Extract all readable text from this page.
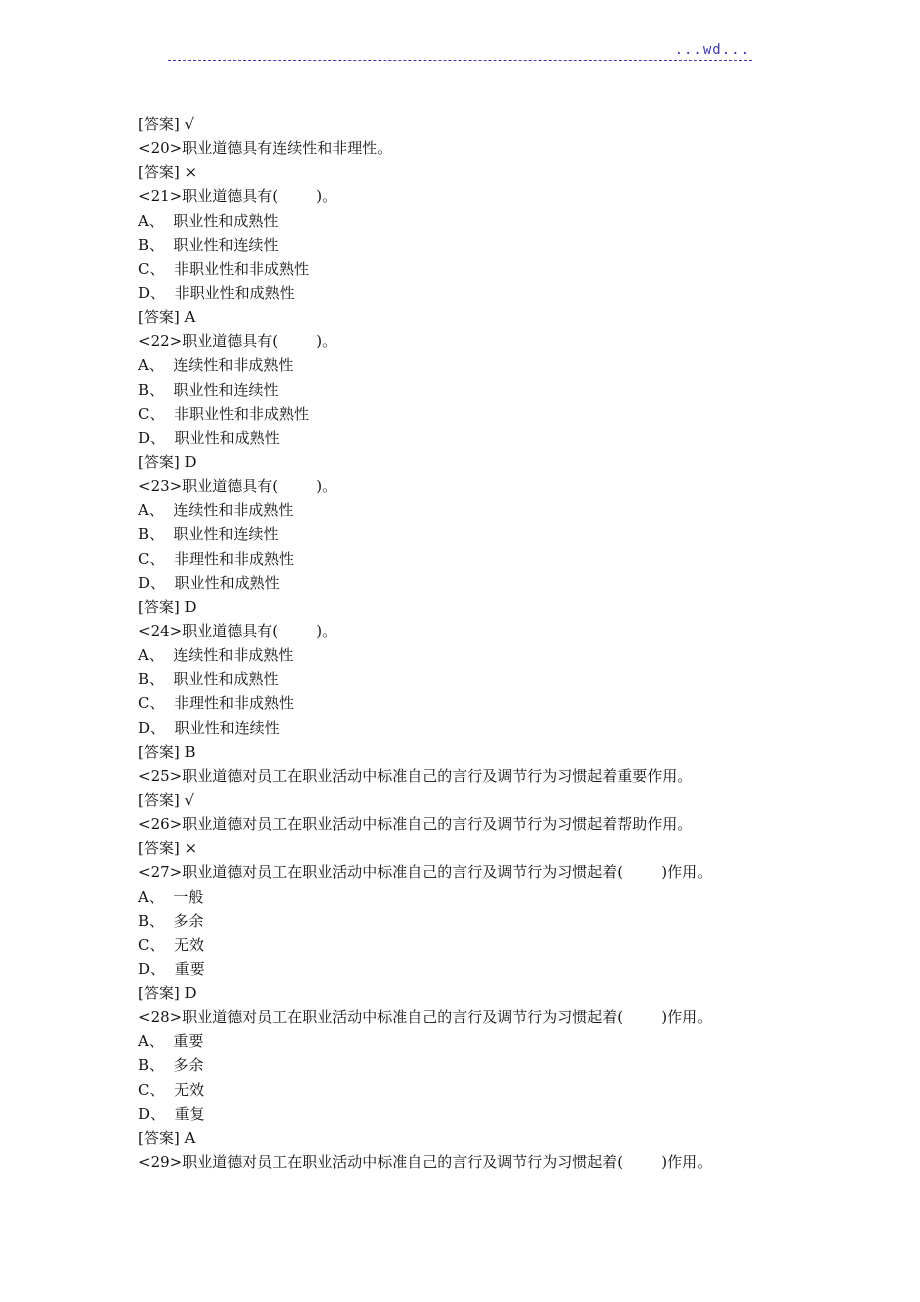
...wd...
[答案] √
<20>职业道德具有连续性和非理性。
[答案] ×
<21>职业道德具有(        )。
A、  职业性和成熟性
B、  职业性和连续性
C、  非职业性和非成熟性
D、  非职业性和成熟性
[答案] A
<22>职业道德具有(        )。
A、  连续性和非成熟性
B、  职业性和连续性
C、  非职业性和非成熟性
D、  职业性和成熟性
[答案] D
<23>职业道德具有(        )。
A、  连续性和非成熟性
B、  职业性和连续性
C、  非理性和非成熟性
D、  职业性和成熟性
[答案] D
<24>职业道德具有(        )。
A、  连续性和非成熟性
B、  职业性和成熟性
C、  非理性和非成熟性
D、  职业性和连续性
[答案] B
<25>职业道德对员工在职业活动中标准自己的言行及调节行为习惯起着重要作用。
[答案] √
<26>职业道德对员工在职业活动中标准自己的言行及调节行为习惯起着帮助作用。
[答案] ×
<27>职业道德对员工在职业活动中标准自己的言行及调节行为习惯起着(        )作用。
A、  一般
B、  多余
C、  无效
D、  重要
[答案] D
<28>职业道德对员工在职业活动中标准自己的言行及调节行为习惯起着(        )作用。
A、  重要
B、  多余
C、  无效
D、  重复
[答案] A
<29>职业道德对员工在职业活动中标准自己的言行及调节行为习惯起着(        )作用。
